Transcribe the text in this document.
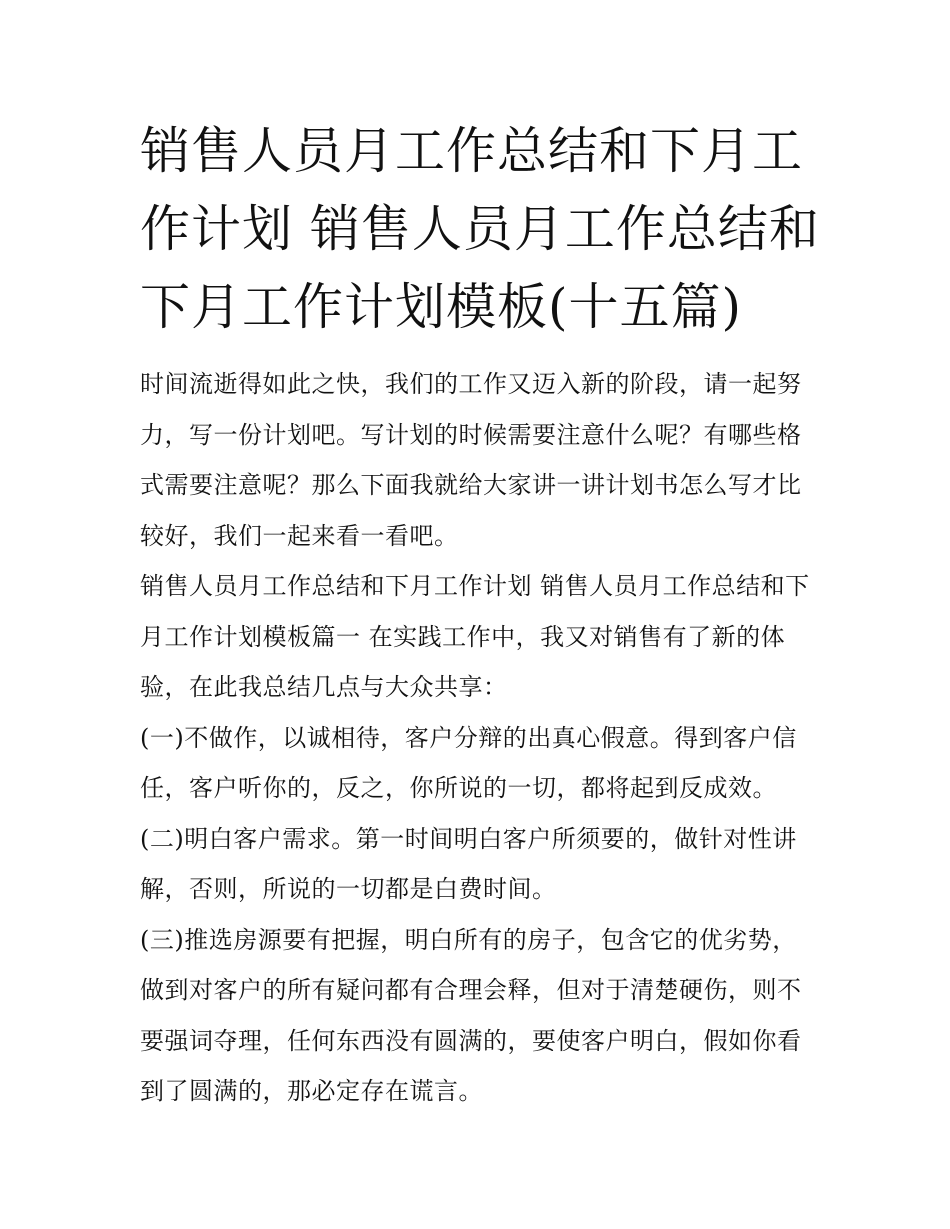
销售人员月工作总结和下月工作计划 销售人员月工作总结和下月工作计划模板(十五篇)

时间流逝得如此之快，我们的工作又迈入新的阶段，请一起努力，写一份计划吧。写计划的时候需要注意什么呢？有哪些格式需要注意呢？那么下面我就给大家讲一讲计划书怎么写才比较好，我们一起来看一看吧。

销售人员月工作总结和下月工作计划 销售人员月工作总结和下月工作计划模板篇一 在实践工作中，我又对销售有了新的体验，在此我总结几点与大众共享：

(一)不做作，以诚相待，客户分辩的出真心假意。得到客户信任，客户听你的，反之，你所说的一切，都将起到反成效。

(二)明白客户需求。第一时间明白客户所须要的，做针对性讲解，否则，所说的一切都是白费时间。

(三)推选房源要有把握，明白所有的房子，包含它的优劣势，做到对客户的所有疑问都有合理会释，但对于清楚硬伤，则不要强词夺理，任何东西没有圆满的，要使客户明白，假如你看到了圆满的，那必定存在谎言。
